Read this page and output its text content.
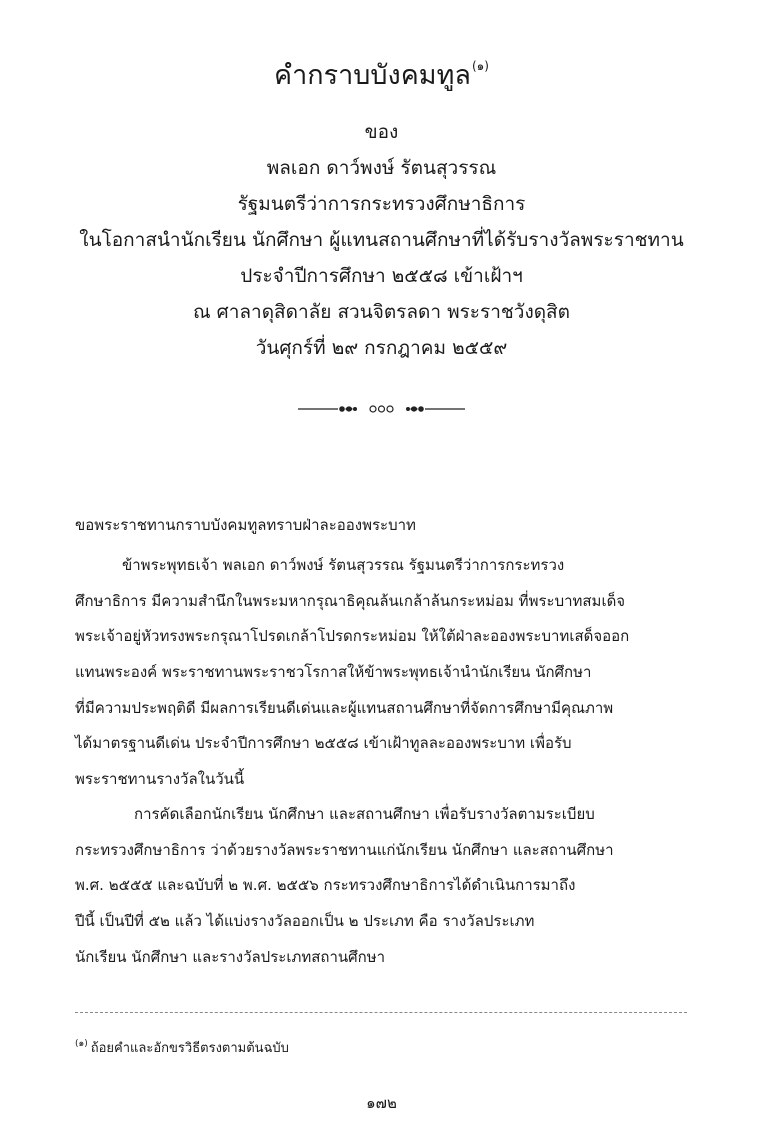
คำกราบบังคมทูล$^{(๑)}$
ของ
พลเอก ดาว์พงษ์ รัตนสุวรรณ
รัฐมนตรีว่าการกระทรวงศึกษาธิการ
ในโอกาสนำนักเรียน นักศึกษา ผู้แทนสถานศึกษาที่ได้รับรางวัลพระราชทาน
ประจำปีการศึกษา ๒๕๕๘ เข้าเฝ้าฯ
ณ ศาลาดุสิดาลัย สวนจิตรลดา พระราชวังดุสิต
วันศุกร์ที่ ๒๙ กรกฎาคม ๒๕๕๙
ขอพระราชทานกราบบังคมทูลทราบฝ่าละอองพระบาท
ข้าพระพุทธเจ้า พลเอก ดาว์พงษ์ รัตนสุวรรณ รัฐมนตรีว่าการกระทรวง
ศึกษาธิการ มีความสำนึกในพระมหากรุณาธิคุณล้นเกล้าล้นกระหม่อม ที่พระบาทสมเด็จ
พระเจ้าอยู่หัวทรงพระกรุณาโปรดเกล้าโปรดกระหม่อม ให้ใต้ฝ่าละอองพระบาทเสด็จออก
แทนพระองค์ พระราชทานพระราชวโรกาสให้ข้าพระพุทธเจ้านำนักเรียน นักศึกษา
ที่มีความประพฤติดี มีผลการเรียนดีเด่นและผู้แทนสถานศึกษาที่จัดการศึกษามีคุณภาพ
ได้มาตรฐานดีเด่น ประจำปีการศึกษา ๒๕๕๘ เข้าเฝ้าทูลละอองพระบาท เพื่อรับ
พระราชทานรางวัลในวันนี้
การคัดเลือกนักเรียน นักศึกษา และสถานศึกษา เพื่อรับรางวัลตามระเบียบ
กระทรวงศึกษาธิการ ว่าด้วยรางวัลพระราชทานแก่นักเรียน นักศึกษา และสถานศึกษา
พ.ศ. ๒๕๕๕ และฉบับที่ ๒ พ.ศ. ๒๕๕๖ กระทรวงศึกษาธิการได้ดำเนินการมาถึง
ปีนี้ เป็นปีที่ ๕๒ แล้ว ได้แบ่งรางวัลออกเป็น ๒ ประเภท คือ รางวัลประเภท
นักเรียน นักศึกษา และรางวัลประเภทสถานศึกษา
$^{(๑)}$ ถ้อยคำและอักขรวิธีตรงตามต้นฉบับ
๑๗๒
